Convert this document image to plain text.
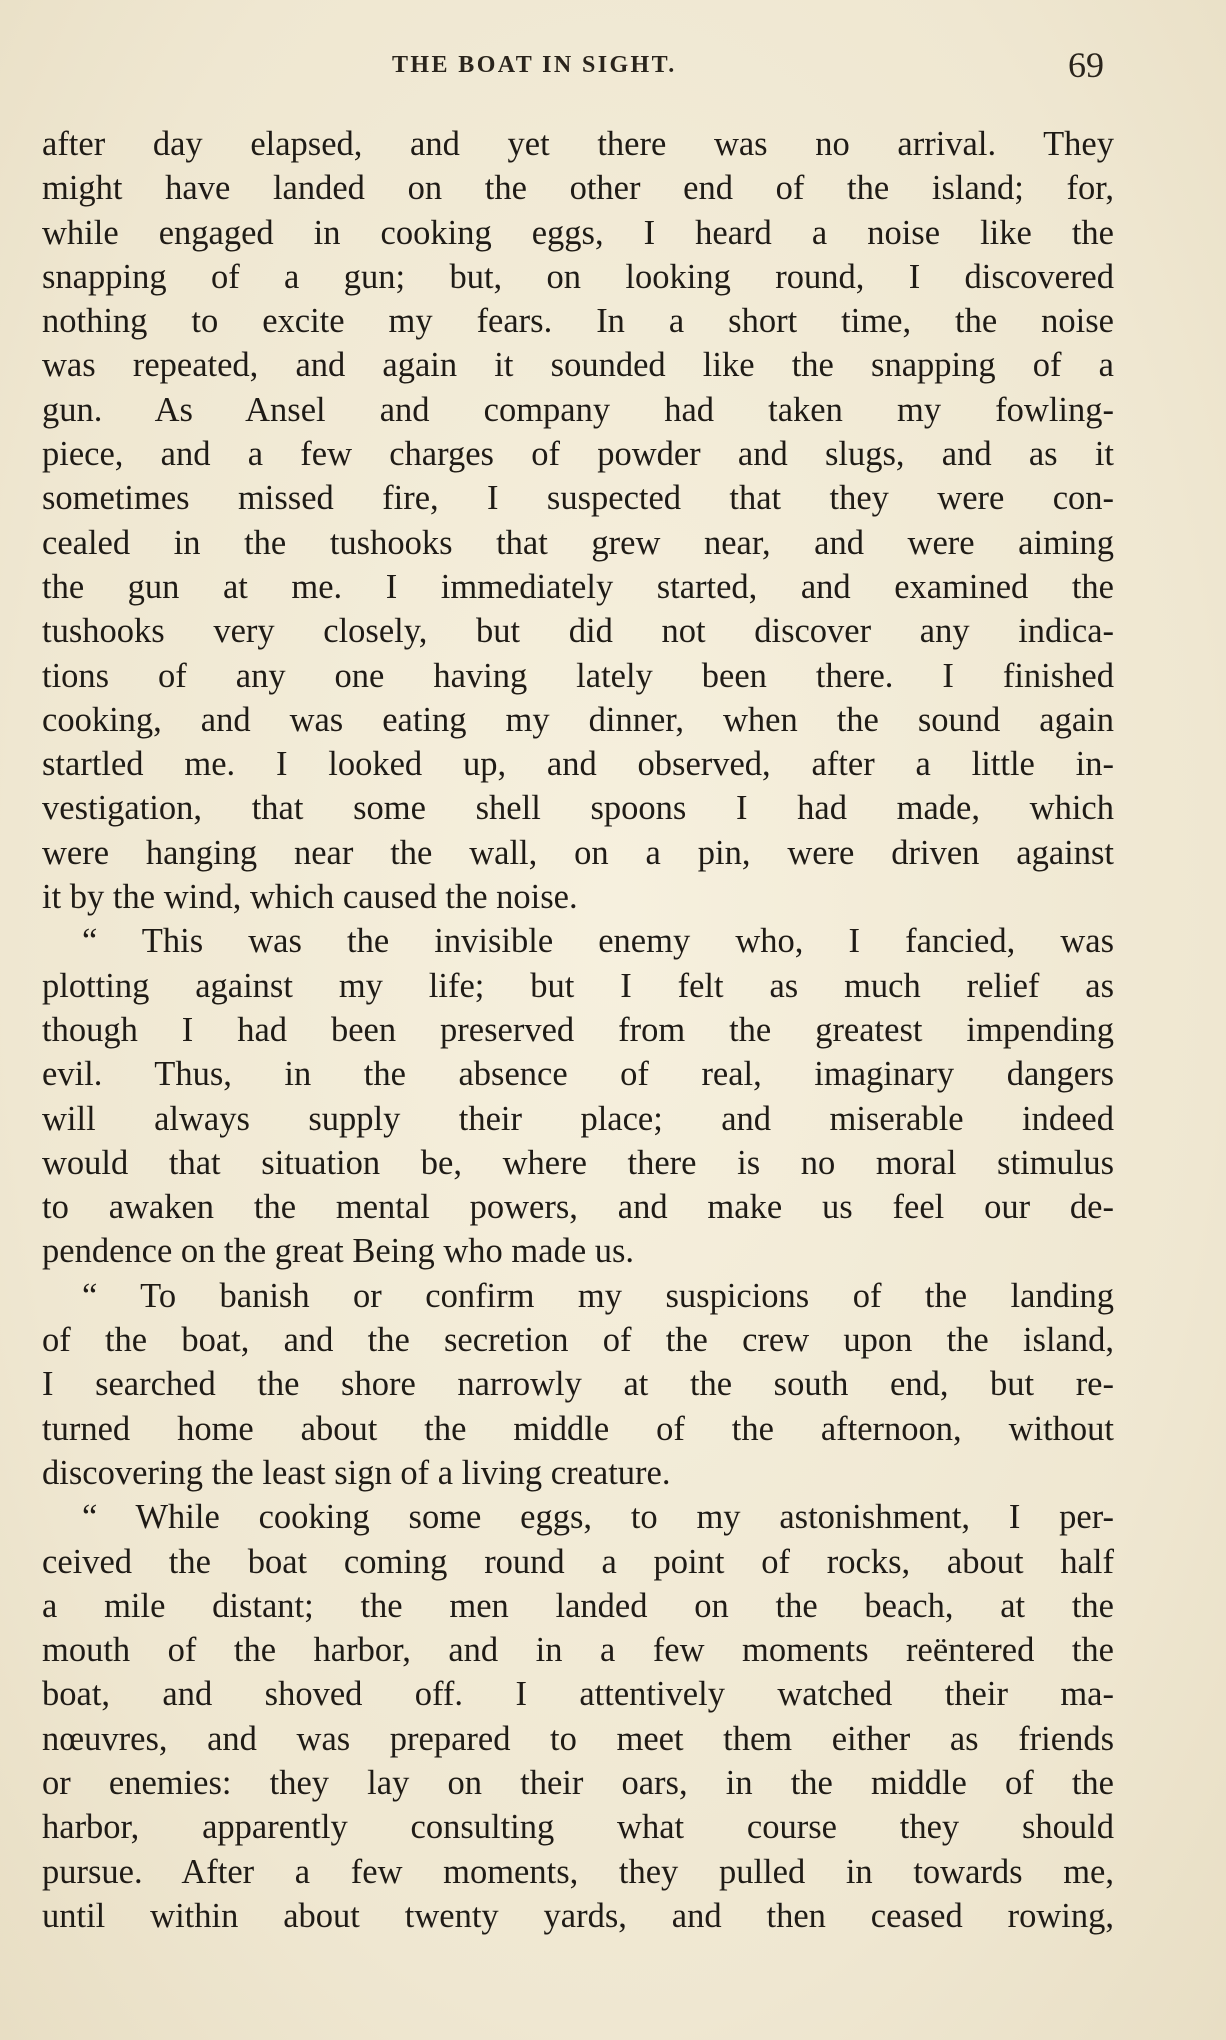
THE BOAT IN SIGHT.	69
after day elapsed, and yet there was no arrival. They
might have landed on the other end of the island; for,
while engaged in cooking eggs, I heard a noise like the
snapping of a gun; but, on looking round, I discovered
nothing to excite my fears. In a short time, the noise
was repeated, and again it sounded like the snapping of a
gun. As Ansel and company had taken my fowling-
piece, and a few charges of powder and slugs, and as it
sometimes missed fire, I suspected that they were con-
cealed in the tushooks that grew near, and were aiming
the gun at me. I immediately started, and examined the
tushooks very closely, but did not discover any indica-
tions of any one having lately been there. I finished
cooking, and was eating my dinner, when the sound again
startled me. I looked up, and observed, after a little in-
vestigation, that some shell spoons I had made, which
were hanging near the wall, on a pin, were driven against
it by the wind, which caused the noise.
“ This was the invisible enemy who, I fancied, was
plotting against my life; but I felt as much relief as
though I had been preserved from the greatest impending
evil. Thus, in the absence of real, imaginary dangers
will always supply their place; and miserable indeed
would that situation be, where there is no moral stimulus
to awaken the mental powers, and make us feel our de-
pendence on the great Being who made us.
“ To banish or confirm my suspicions of the landing
of the boat, and the secretion of the crew upon the island,
I searched the shore narrowly at the south end, but re-
turned home about the middle of the afternoon, without
discovering the least sign of a living creature.
“ While cooking some eggs, to my astonishment, I per-
ceived the boat coming round a point of rocks, about half
a mile distant; the men landed on the beach, at the
mouth of the harbor, and in a few moments reëntered the
boat, and shoved off. I attentively watched their ma-
nœuvres, and was prepared to meet them either as friends
or enemies: they lay on their oars, in the middle of the
harbor, apparently consulting what course they should
pursue. After a few moments, they pulled in towards me,
until within about twenty yards, and then ceased rowing,
